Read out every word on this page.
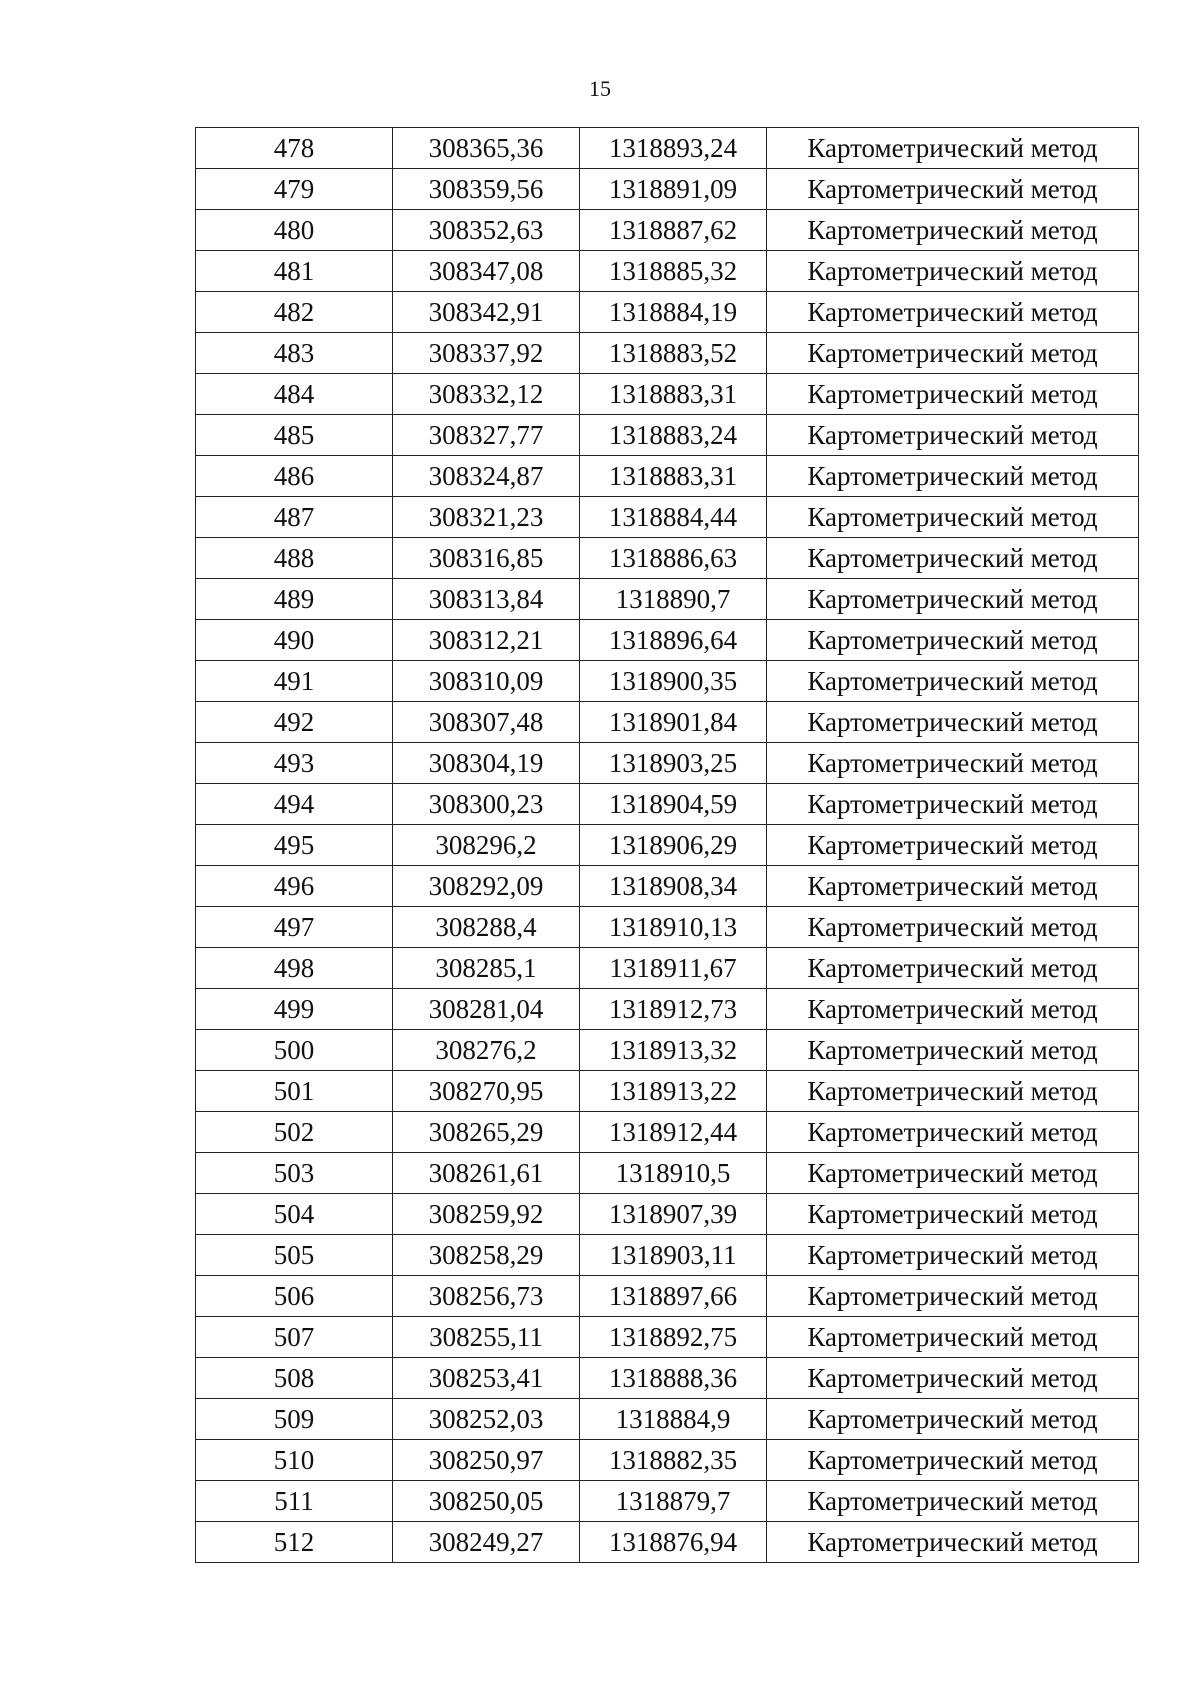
15
478	308365,36	1318893,24	Картометрический метод
479	308359,56	1318891,09	Картометрический метод
480	308352,63	1318887,62	Картометрический метод
481	308347,08	1318885,32	Картометрический метод
482	308342,91	1318884,19	Картометрический метод
483	308337,92	1318883,52	Картометрический метод
484	308332,12	1318883,31	Картометрический метод
485	308327,77	1318883,24	Картометрический метод
486	308324,87	1318883,31	Картометрический метод
487	308321,23	1318884,44	Картометрический метод
488	308316,85	1318886,63	Картометрический метод
489	308313,84	1318890,7	Картометрический метод
490	308312,21	1318896,64	Картометрический метод
491	308310,09	1318900,35	Картометрический метод
492	308307,48	1318901,84	Картометрический метод
493	308304,19	1318903,25	Картометрический метод
494	308300,23	1318904,59	Картометрический метод
495	308296,2	1318906,29	Картометрический метод
496	308292,09	1318908,34	Картометрический метод
497	308288,4	1318910,13	Картометрический метод
498	308285,1	1318911,67	Картометрический метод
499	308281,04	1318912,73	Картометрический метод
500	308276,2	1318913,32	Картометрический метод
501	308270,95	1318913,22	Картометрический метод
502	308265,29	1318912,44	Картометрический метод
503	308261,61	1318910,5	Картометрический метод
504	308259,92	1318907,39	Картометрический метод
505	308258,29	1318903,11	Картометрический метод
506	308256,73	1318897,66	Картометрический метод
507	308255,11	1318892,75	Картометрический метод
508	308253,41	1318888,36	Картометрический метод
509	308252,03	1318884,9	Картометрический метод
510	308250,97	1318882,35	Картометрический метод
511	308250,05	1318879,7	Картометрический метод
512	308249,27	1318876,94	Картометрический метод
